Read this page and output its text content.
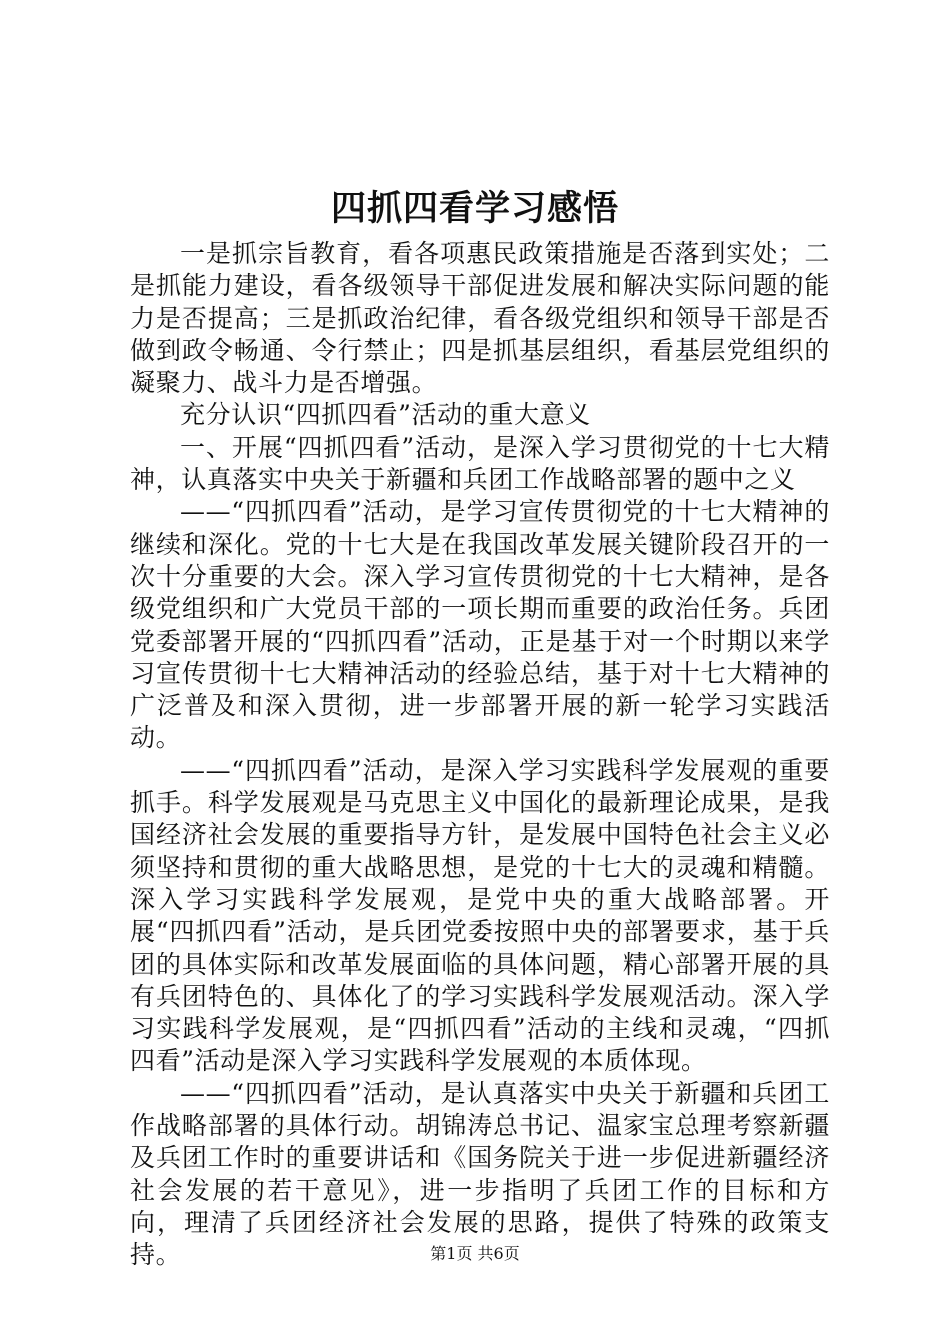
四抓四看学习感悟

一是抓宗旨教育，看各项惠民政策措施是否落到实处；二是抓能力建设，看各级领导干部促进发展和解决实际问题的能力是否提高；三是抓政治纪律，看各级党组织和领导干部是否做到政令畅通、令行禁止；四是抓基层组织，看基层党组织的凝聚力、战斗力是否增强。

充分认识“四抓四看”活动的重大意义

一、开展“四抓四看”活动，是深入学习贯彻党的十七大精神，认真落实中央关于新疆和兵团工作战略部署的题中之义

——“四抓四看”活动，是学习宣传贯彻党的十七大精神的继续和深化。党的十七大是在我国改革发展关键阶段召开的一次十分重要的大会。深入学习宣传贯彻党的十七大精神，是各级党组织和广大党员干部的一项长期而重要的政治任务。兵团党委部署开展的“四抓四看”活动，正是基于对一个时期以来学习宣传贯彻十七大精神活动的经验总结，基于对十七大精神的广泛普及和深入贯彻，进一步部署开展的新一轮学习实践活动。

——“四抓四看”活动，是深入学习实践科学发展观的重要抓手。科学发展观是马克思主义中国化的最新理论成果，是我国经济社会发展的重要指导方针，是发展中国特色社会主义必须坚持和贯彻的重大战略思想，是党的十七大的灵魂和精髓。深入学习实践科学发展观，是党中央的重大战略部署。开展“四抓四看”活动，是兵团党委按照中央的部署要求，基于兵团的具体实际和改革发展面临的具体问题，精心部署开展的具有兵团特色的、具体化了的学习实践科学发展观活动。深入学习实践科学发展观，是“四抓四看”活动的主线和灵魂，“四抓四看”活动是深入学习实践科学发展观的本质体现。

——“四抓四看”活动，是认真落实中央关于新疆和兵团工作战略部署的具体行动。胡锦涛总书记、温家宝总理考察新疆及兵团工作时的重要讲话和《国务院关于进一步促进新疆经济社会发展的若干意见》，进一步指明了兵团工作的目标和方向，理清了兵团经济社会发展的思路，提供了特殊的政策支持。	第1页 共6页
